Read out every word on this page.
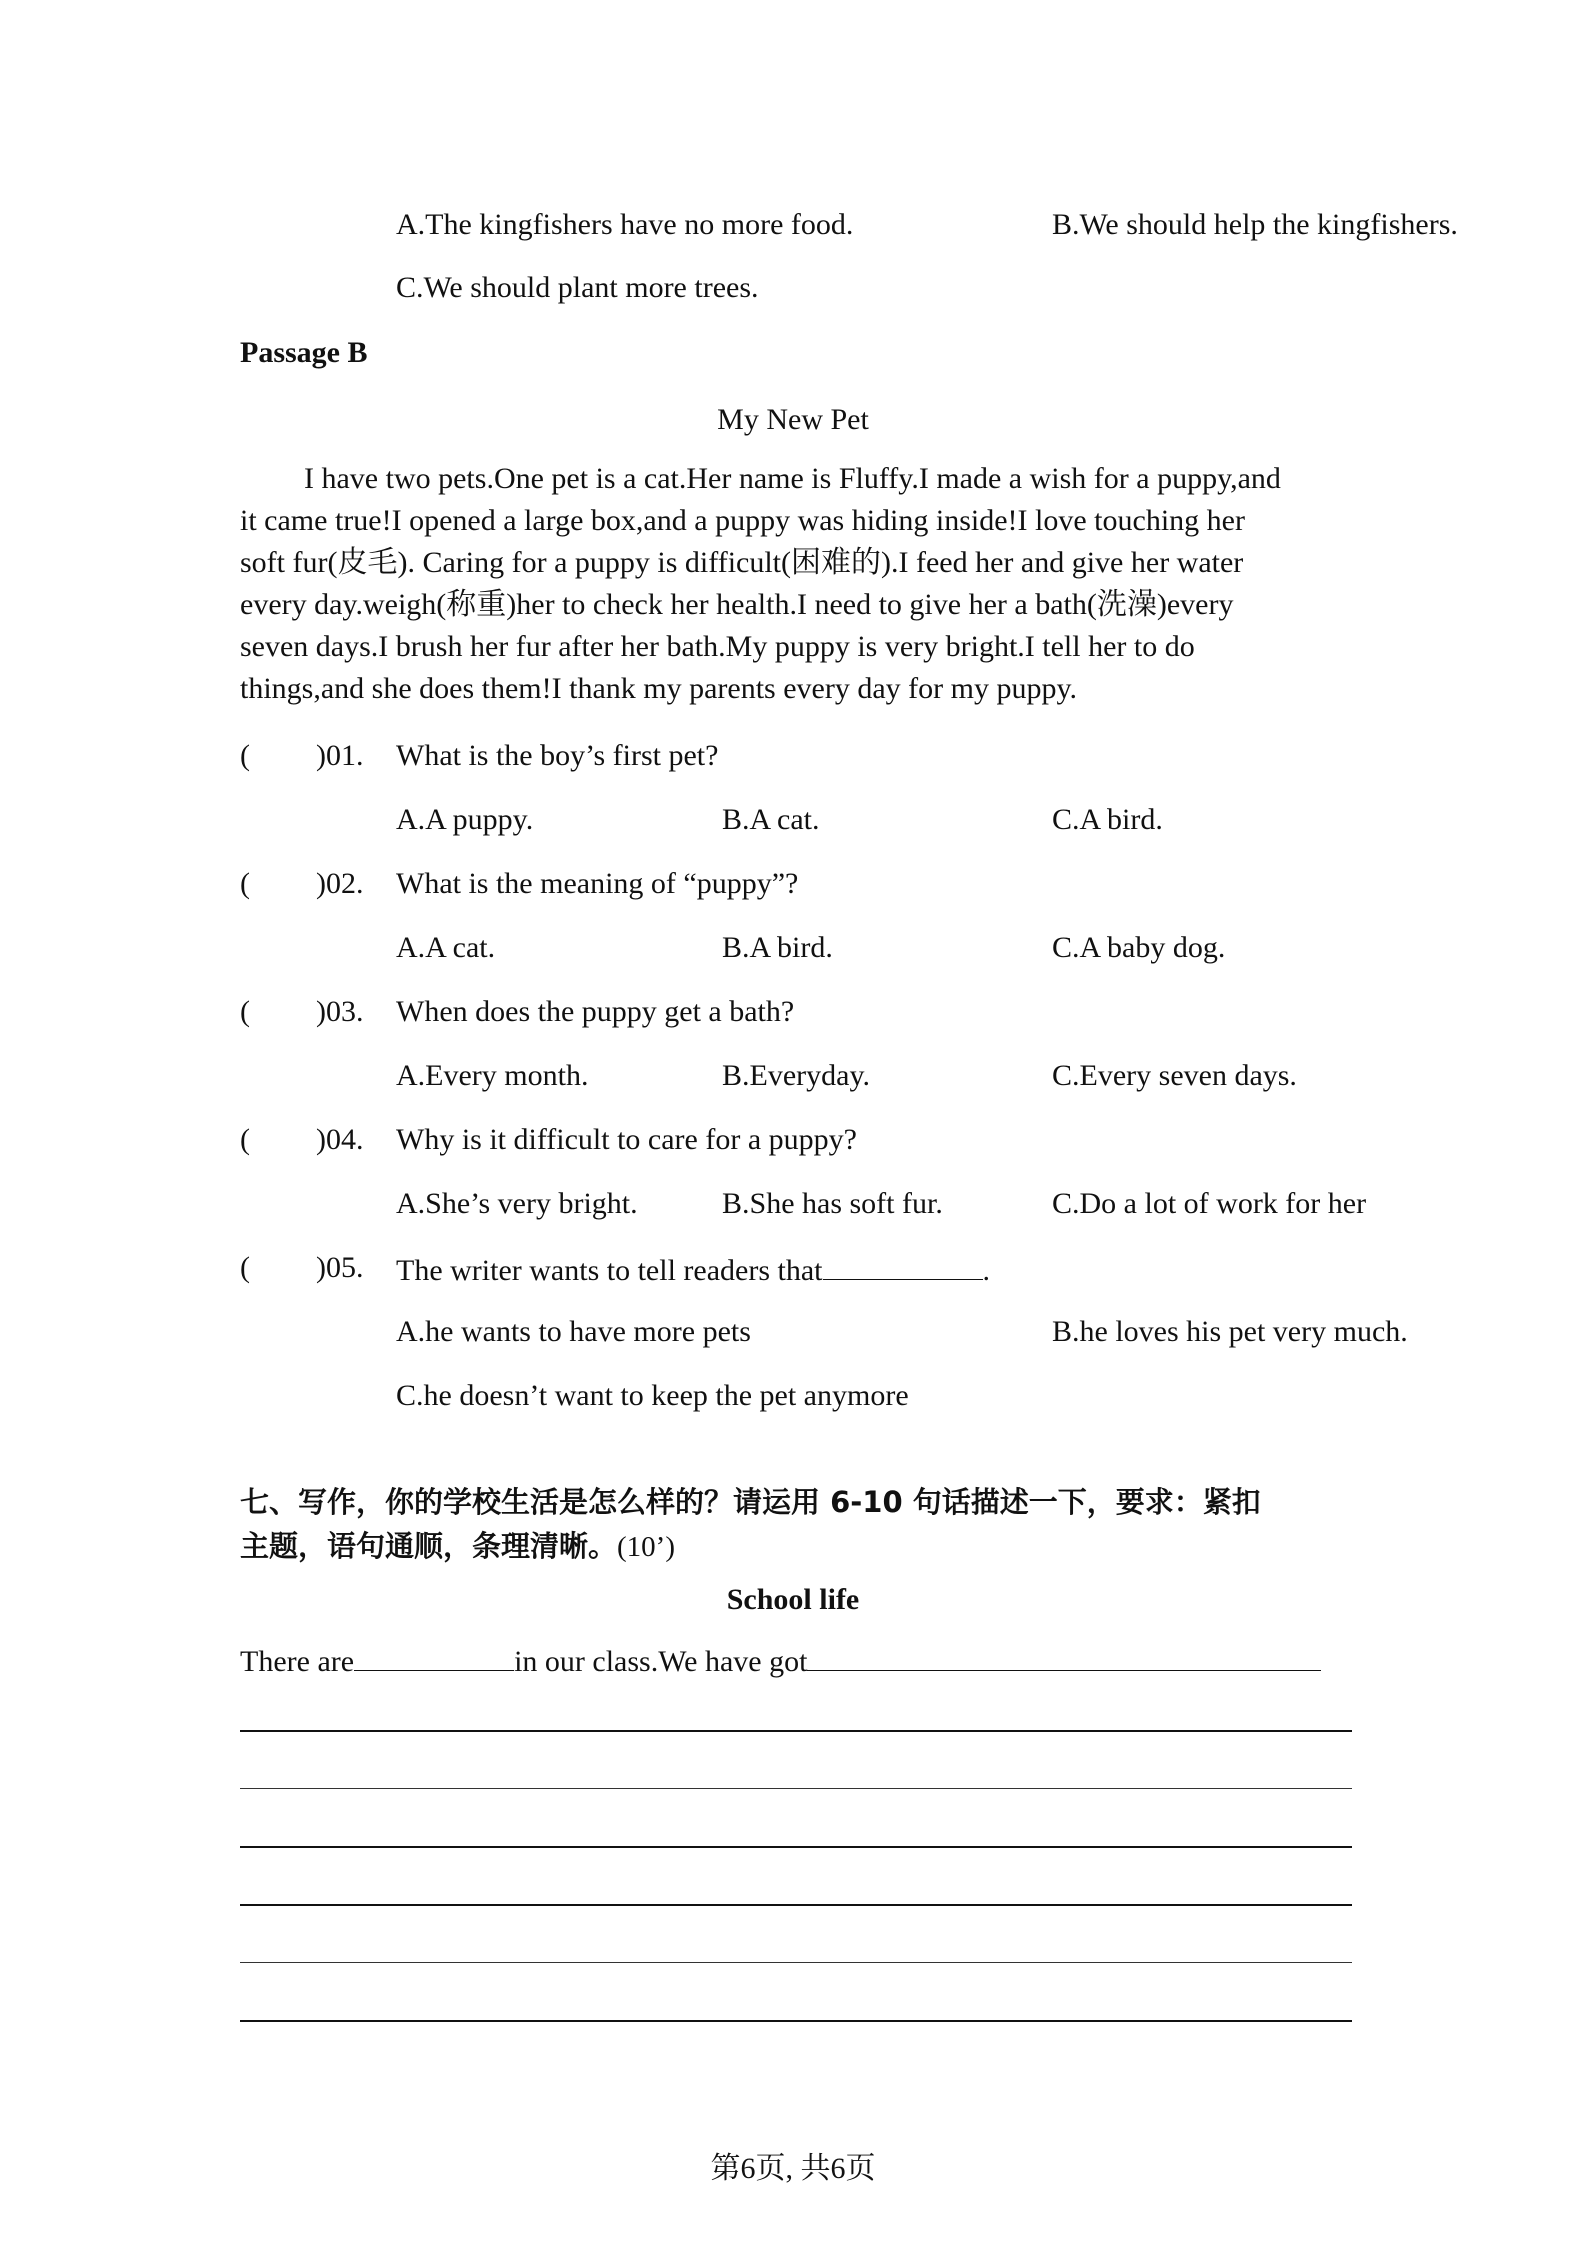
A.The kingfishers have no more food.	B.We should help the kingfishers.
C.We should plant more trees.
Passage B
My New Pet

I have two pets.One pet is a cat.Her name is Fluffy.I made a wish for a puppy,and

it came true!I opened a large box,and a puppy was hiding inside!I love touching her

soft fur(皮毛). Caring for a puppy is difficult(困难的).I feed her and give her water

every day.weigh(称重)her to check her health.I need to give her a bath(洗澡)every

seven days.I brush her fur after her bath.My puppy is very bright.I tell her to do

things,and she does them!I thank my parents every day for my puppy.

( )01. What is the boy’s first pet?
A.A puppy.	B.A cat.	C.A bird.
( )02. What is the meaning of “puppy”?
A.A cat.	B.A bird.	C.A baby dog.
( )03. When does the puppy get a bath?
A.Every month.	B.Everyday.	C.Every seven days.
( )04. Why is it difficult to care for a puppy?
A.She’s very bright.	B.She has soft fur.	C.Do a lot of work for her
( )05. The writer wants to tell readers that	.
A.he wants to have more pets	B.he loves his pet very much.
C.he doesn’t want to keep the pet anymore
七、写作，你的学校生活是怎么样的？请运用 6-10 句话描述一下，要求：紧扣
主题，语句通顺，条理清晰。(10’)
School life
There are	in our class.We have got
第6页, 共6页
